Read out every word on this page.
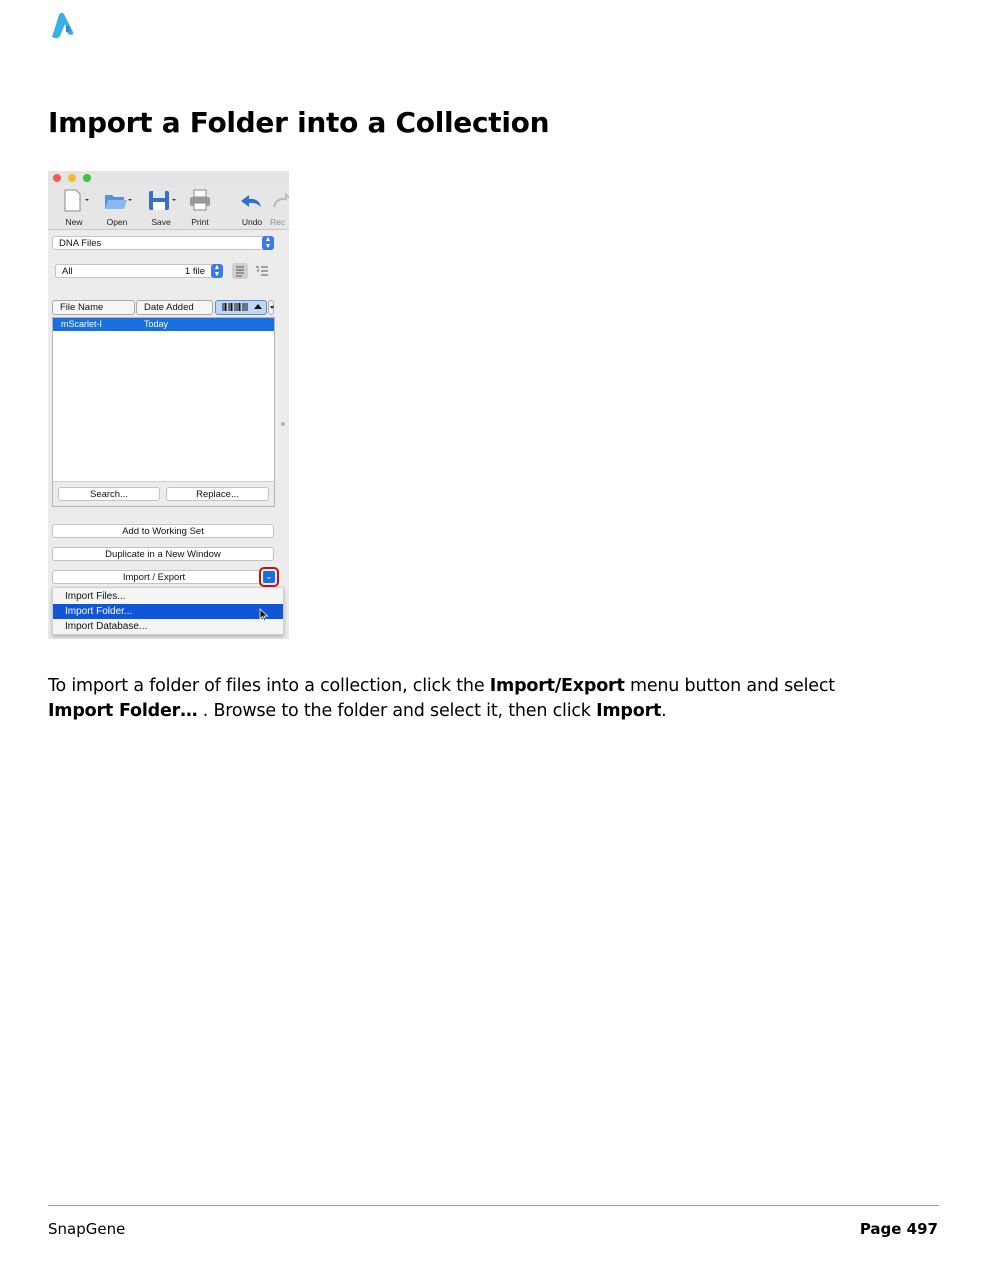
Import a Folder into a Collection
New	Open	Save	Print	Undo Rec
DNA Files	▲
▼
All	1 file	▲
▼
File Name	Date Added
mScarlet-I	Today
Search...	Replace...
Add to Working Set
Duplicate in a New Window
Import / Export	⌄
Import Files...
Import Folder...
Import Database...
To import a folder of files into a collection, click the Import/Export menu button and select
Import Folder… . Browse to the folder and select it, then click Import.
SnapGene	Page 497
